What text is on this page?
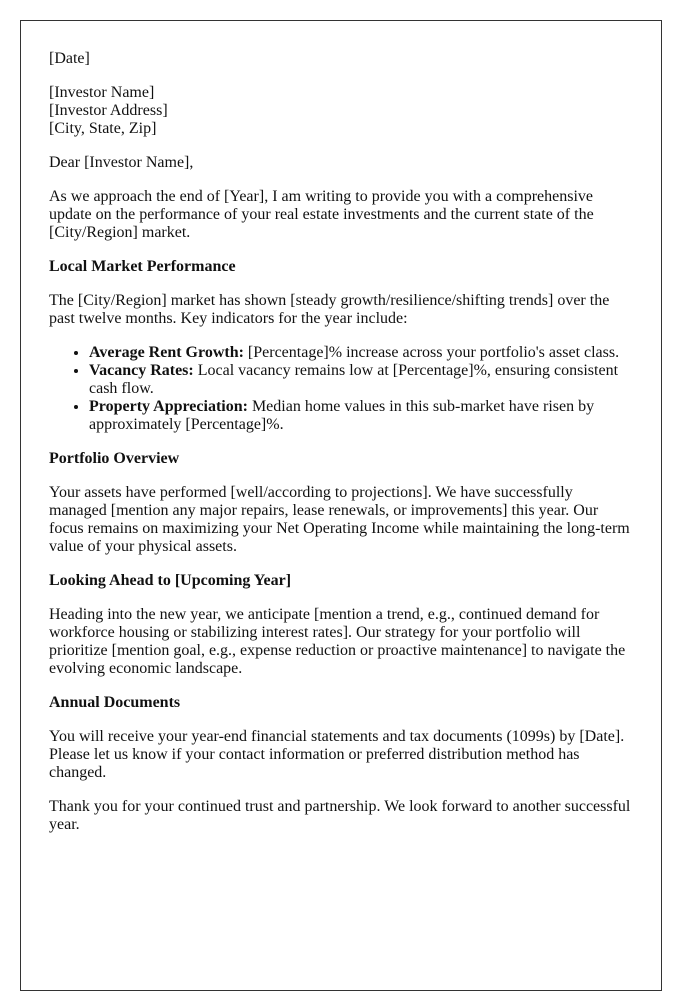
[Date]

[Investor Name]
[Investor Address]
[City, State, Zip]

Dear [Investor Name],

As we approach the end of [Year], I am writing to provide you with a comprehensive update on the performance of your real estate investments and the current state of the [City/Region] market.

Local Market Performance

The [City/Region] market has shown [steady growth/resilience/shifting trends] over the past twelve months. Key indicators for the year include:

• Average Rent Growth: [Percentage]% increase across your portfolio's asset class.
• Vacancy Rates: Local vacancy remains low at [Percentage]%, ensuring consistent cash flow.
• Property Appreciation: Median home values in this sub-market have risen by approximately [Percentage]%.
Portfolio Overview

Your assets have performed [well/according to projections]. We have successfully managed [mention any major repairs, lease renewals, or improvements] this year. Our focus remains on maximizing your Net Operating Income while maintaining the long-term value of your physical assets.

Looking Ahead to [Upcoming Year]

Heading into the new year, we anticipate [mention a trend, e.g., continued demand for workforce housing or stabilizing interest rates]. Our strategy for your portfolio will prioritize [mention goal, e.g., expense reduction or proactive maintenance] to navigate the evolving economic landscape.

Annual Documents

You will receive your year-end financial statements and tax documents (1099s) by [Date]. Please let us know if your contact information or preferred distribution method has changed.

Thank you for your continued trust and partnership. We look forward to another successful year.
